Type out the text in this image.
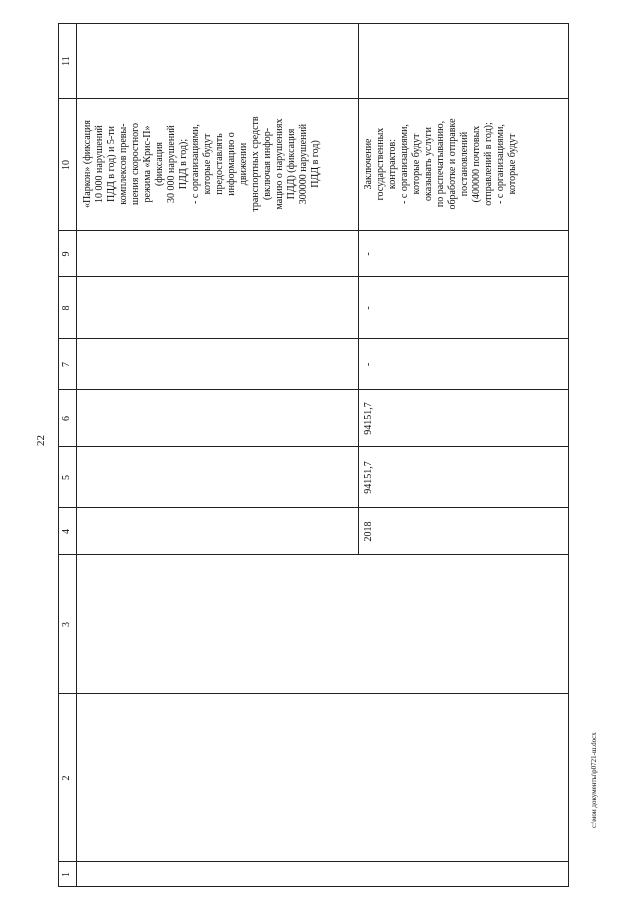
22
с:\мои документы\р0721-ш.docx
1
2
3
4
5
6
7
8
9
10
11
«Паркон» (фиксация
10 000 нарушений
ПДД в год) и 5-ти
комплексов превы-
шения скоростного
режима «Крис-П»
(фиксация
30 000 нарушений
ПДД в год);
- с организациями,
которые будут
предоставлять
информацию о
движении
транспортных средств
(включая инфор-
мацию о нарушениях
ПДД) (фиксация
300000 нарушений
ПДД в год)
2018
94151,7
94151,7
-
-
-
Заключение
государственных
контрактов:
- с организациями,
которые будут
оказывать услуги
по распечатыванию,
обработке и отправке
постановлений
(400000 почтовых
отправлений в год);
- с организациями,
которые будут
